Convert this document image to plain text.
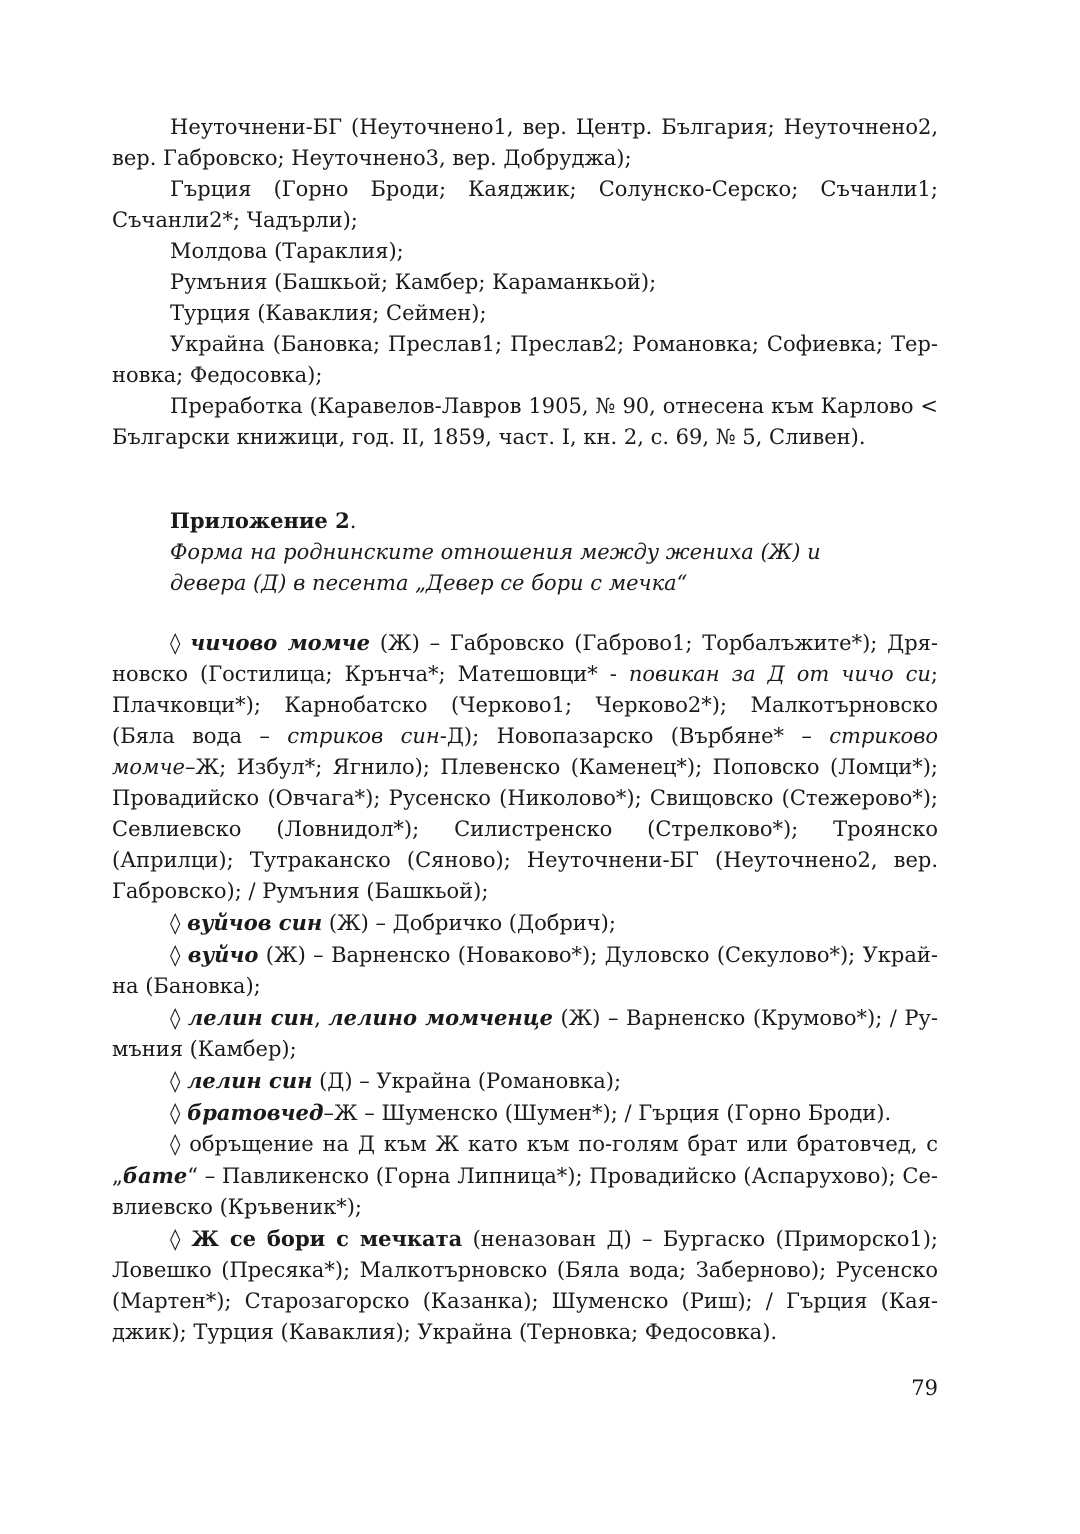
Неуточнени-БГ (Неуточнено1, вер. Центр. България; Неуточнено2, вер. Габровско; Неуточнено3, вер. Добруджа);

Гърция (Горно Броди; Каяджик; Солунско-Серско; Съчанли1; Съчанли2*; Чадърли);

Молдова (Тараклия);

Румъния (Башкьой; Камбер; Караманкьой);

Турция (Каваклия; Сеймен);

Украйна (Бановка; Преслав1; Преслав2; Романовка; Софиевка; Терновка; Федосовка);

Преработка (Каравелов-Лавров 1905, № 90, отнесена към Карлово < Български книжици, год. II, 1859, част. I, кн. 2, с. 69, № 5, Сливен).

Приложение 2.

Форма на роднинските отношения между жениха (Ж) и

девера (Д) в песента „Девер се бори с мечка“

◊ чичово момче (Ж) – Габровско (Габрово1; Торбалъжите*); Дряновско (Гостилица; Крънча*; Матешовци* - повикан за Д от чичо си; Плачковци*); Карнобатско (Черково1; Черково2*); Малкотърновско (Бяла вода – стриков син-Д); Новопазарско (Върбяне* – стриково момче–Ж; Избул*; Ягнило); Плевенско (Каменец*); Поповско (Ломци*); Провадийско (Овчага*); Русенско (Николово*); Свищовско (Стежерово*); Севлиевско (Ловнидол*); Силистренско (Стрелково*); Троянско (Априлци); Тутраканско (Сяново); Неуточнени-БГ (Неуточнено2, вер. Габровско); / Румъния (Башкьой);

◊ вуйчов син (Ж) – Добричко (Добрич);

◊ вуйчо (Ж) – Варненско (Новаково*); Дуловско (Секулово*); Украйна (Бановка);

◊ лелин син, лелино момченце (Ж) – Варненско (Крумово*); / Румъния (Камбер);

◊ лелин син (Д) – Украйна (Романовка);

◊ братовчед–Ж – Шуменско (Шумен*); / Гърция (Горно Броди).

◊ обръщение на Д към Ж като към по-голям брат или братовчед, с „бате“ – Павликенско (Горна Липница*); Провадийско (Аспарухово); Севлиевско (Кръвеник*);

◊ Ж се бори с мечката (неназован Д) – Бургаско (Приморско1); Ловешко (Пресяка*); Малкотърновско (Бяла вода; Заберново); Русенско (Мартен*); Старозагорско (Казанка); Шуменско (Риш); / Гърция (Каяджик); Турция (Каваклия); Украйна (Терновка; Федосовка).

79
